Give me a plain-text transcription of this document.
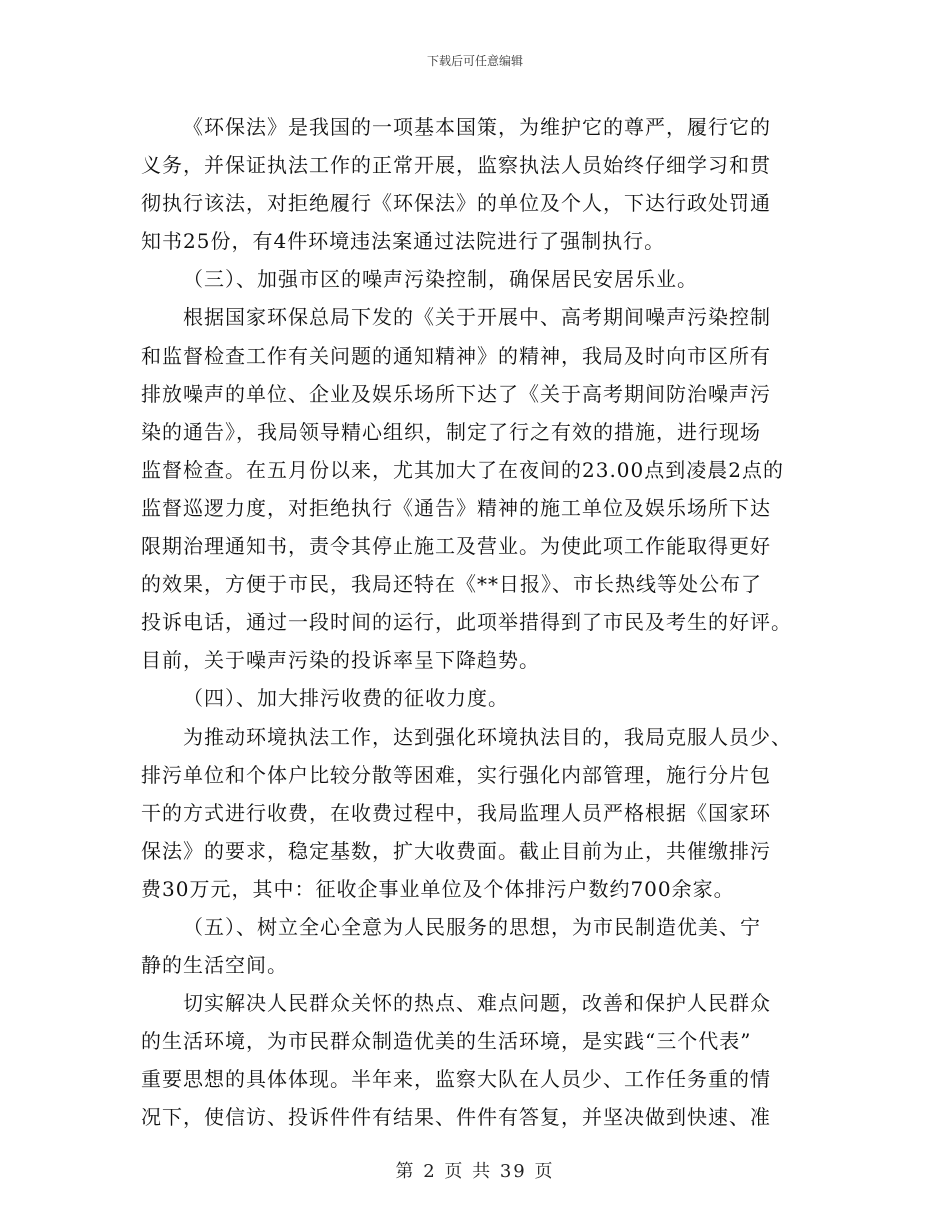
下载后可任意编辑
《环保法》是我国的一项基本国策，为维护它的尊严，履行它的
义务，并保证执法工作的正常开展，监察执法人员始终仔细学习和贯
彻执行该法，对拒绝履行《环保法》的单位及个人，下达行政处罚通
知书25份，有4件环境违法案通过法院进行了强制执行。
（三）、加强市区的噪声污染控制，确保居民安居乐业。
根据国家环保总局下发的《关于开展中、高考期间噪声污染控制
和监督检查工作有关问题的通知精神》的精神，我局及时向市区所有
排放噪声的单位、企业及娱乐场所下达了《关于高考期间防治噪声污
染的通告》，我局领导精心组织，制定了行之有效的措施，进行现场
监督检查。在五月份以来，尤其加大了在夜间的23.00点到凌晨2点的
监督巡逻力度，对拒绝执行《通告》精神的施工单位及娱乐场所下达
限期治理通知书，责令其停止施工及营业。为使此项工作能取得更好
的效果，方便于市民，我局还特在《**日报》、市长热线等处公布了
投诉电话，通过一段时间的运行，此项举措得到了市民及考生的好评。
目前，关于噪声污染的投诉率呈下降趋势。
（四）、加大排污收费的征收力度。
为推动环境执法工作，达到强化环境执法目的，我局克服人员少、
排污单位和个体户比较分散等困难，实行强化内部管理，施行分片包
干的方式进行收费，在收费过程中，我局监理人员严格根据《国家环
保法》的要求，稳定基数，扩大收费面。截止目前为止，共催缴排污
费30万元，其中：征收企事业单位及个体排污户数约700余家。
（五）、树立全心全意为人民服务的思想，为市民制造优美、宁
静的生活空间。
切实解决人民群众关怀的热点、难点问题，改善和保护人民群众
的生活环境，为市民群众制造优美的生活环境，是实践“三个代表”
重要思想的具体体现。半年来，监察大队在人员少、工作任务重的情
况下，使信访、投诉件件有结果、件件有答复，并坚决做到快速、准
第 2 页 共 39 页
